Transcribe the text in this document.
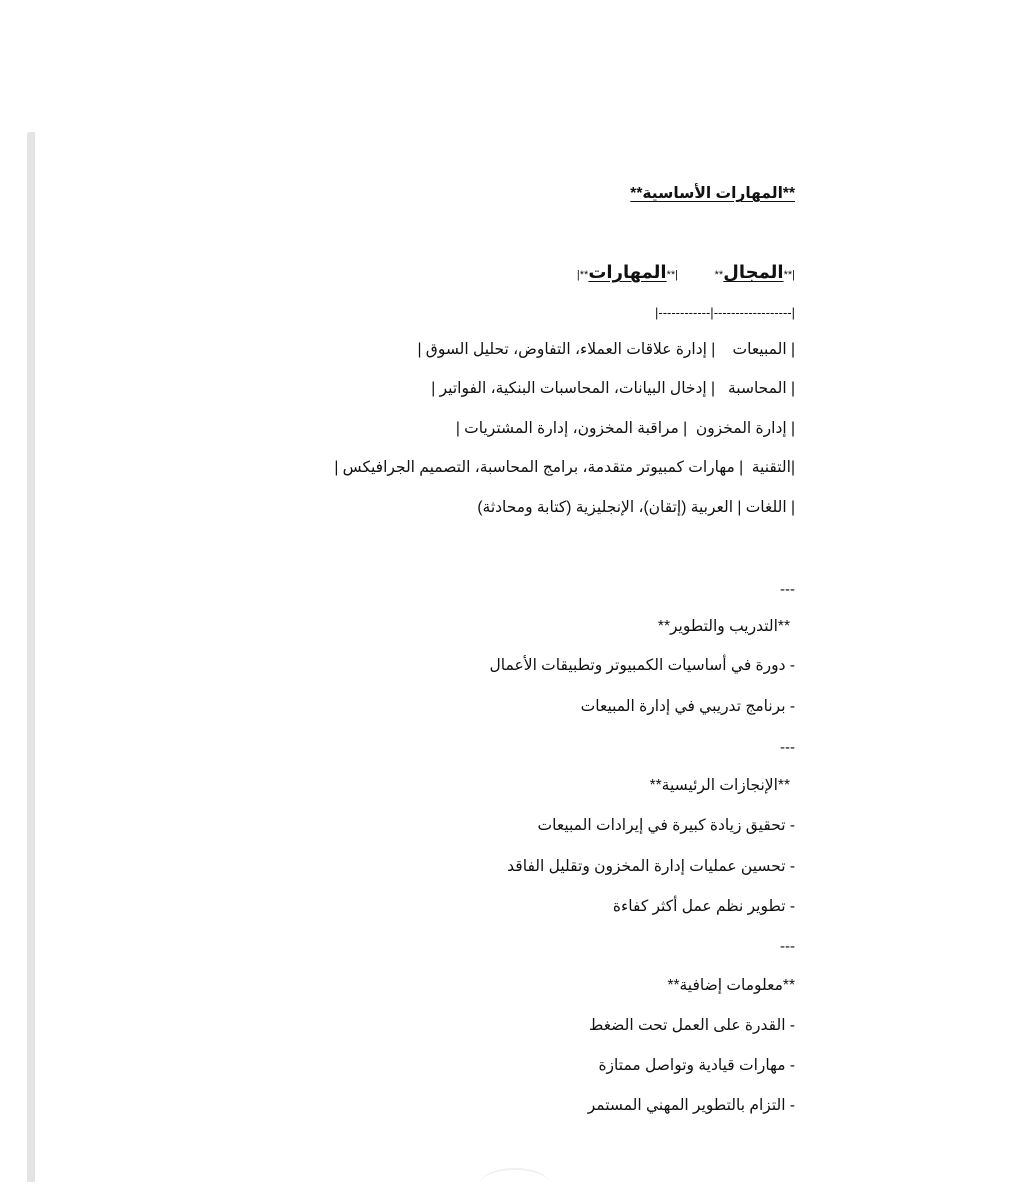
**المهارات الأساسية**
|**المجال**  |**المهارات**|
|------------------|------------|
| المبيعات    | إدارة علاقات العملاء، التفاوض، تحليل السوق |
| المحاسبة   | إدخال البيانات، المحاسبات البنكية، الفواتير |
| إدارة المخزون  | مراقبة المخزون، إدارة المشتريات |
|التقنية  | مهارات كمبيوتر متقدمة، برامج المحاسبة، التصميم الجرافيكس |
| اللغات | العربية (إتقان)، الإنجليزية (كتابة ومحادثة)
---
**التدريب والتطوير**
- دورة في أساسيات الكمبيوتر وتطبيقات الأعمال
- برنامج تدريبي في إدارة المبيعات
---
**الإنجازات الرئيسية**
- تحقيق زيادة كبيرة في إيرادات المبيعات
- تحسين عمليات إدارة المخزون وتقليل الفاقد
- تطوير نظم عمل أكثر كفاءة
---
**معلومات إضافية**
- القدرة على العمل تحت الضغط
- مهارات قيادية وتواصل ممتازة
- التزام بالتطوير المهني المستمر
